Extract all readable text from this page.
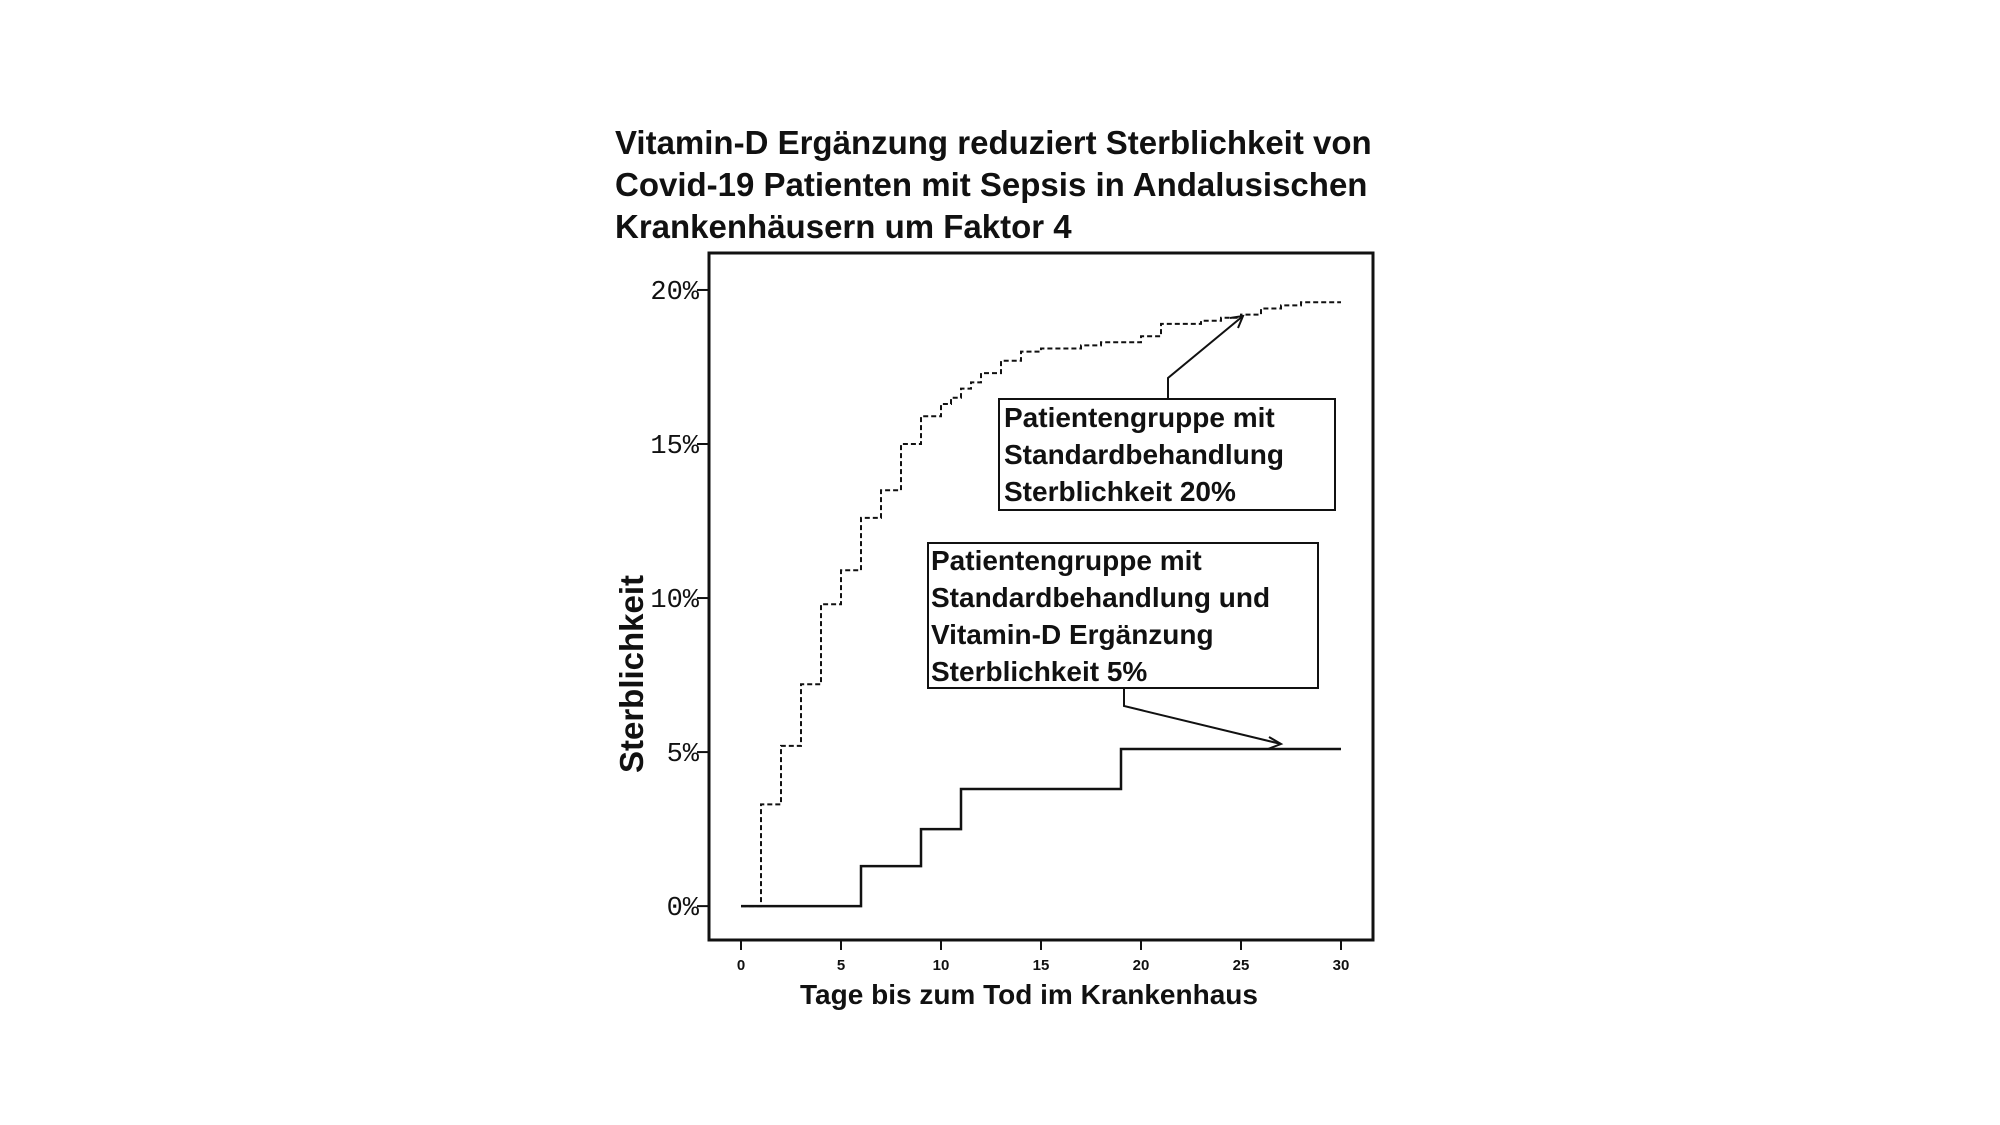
Vitamin-D Ergänzung reduziert Sterblichkeit von
Covid-19 Patienten mit Sepsis in Andalusischen
Krankenhäusern um Faktor 4
0%
5%
10%
15%
20%
0	5	10	15	20	25	30
Sterblichkeit
Tage bis zum Tod im Krankenhaus
Patientengruppe mit
Standardbehandlung
Sterblichkeit 20%
Patientengruppe mit
Standardbehandlung und
Vitamin-D Ergänzung
Sterblichkeit 5%
